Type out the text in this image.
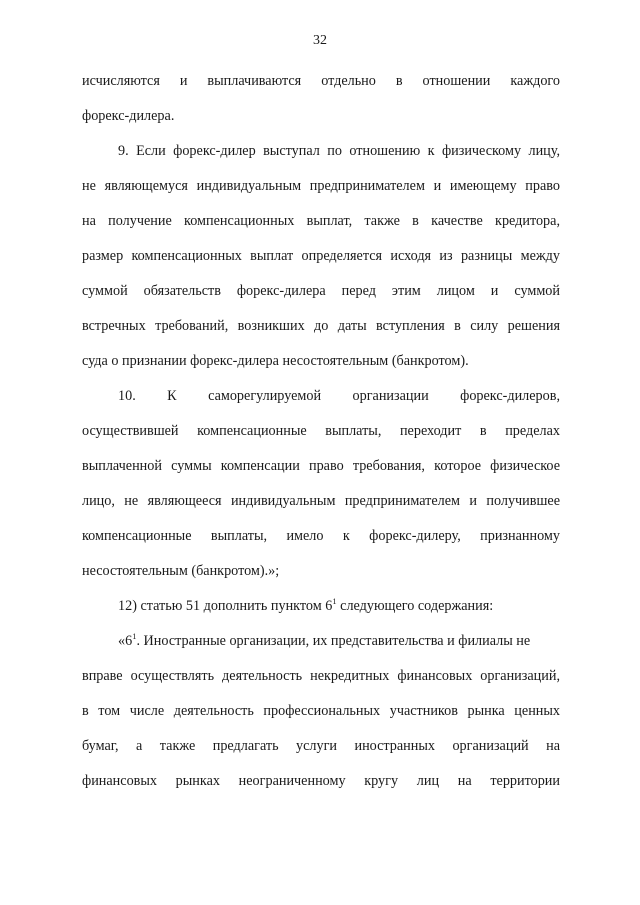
32
исчисляются и выплачиваются отдельно в отношении каждого
форекс-дилера.
9. Если форекс-дилер выступал по отношению к физическому лицу,
не являющемуся индивидуальным предпринимателем и имеющему право
на получение компенсационных выплат, также в качестве кредитора,
размер компенсационных выплат определяется исходя из разницы между
суммой обязательств форекс-дилера перед этим лицом и суммой
встречных требований, возникших до даты вступления в силу решения
суда о признании форекс-дилера несостоятельным (банкротом).
10. К саморегулируемой организации форекс-дилеров,
осуществившей компенсационные выплаты, переходит в пределах
выплаченной суммы компенсации право требования, которое физическое
лицо, не являющееся индивидуальным предпринимателем и получившее
компенсационные выплаты, имело к форекс-дилеру, признанному
несостоятельным (банкротом).»;
12) статью 51 дополнить пунктом $6^1$ следующего содержания:
«$6^1$. Иностранные организации, их представительства и филиалы не
вправе осуществлять деятельность некредитных финансовых организаций,
в том числе деятельность профессиональных участников рынка ценных
бумаг, а также предлагать услуги иностранных организаций на
финансовых рынках неограниченному кругу лиц на территории
